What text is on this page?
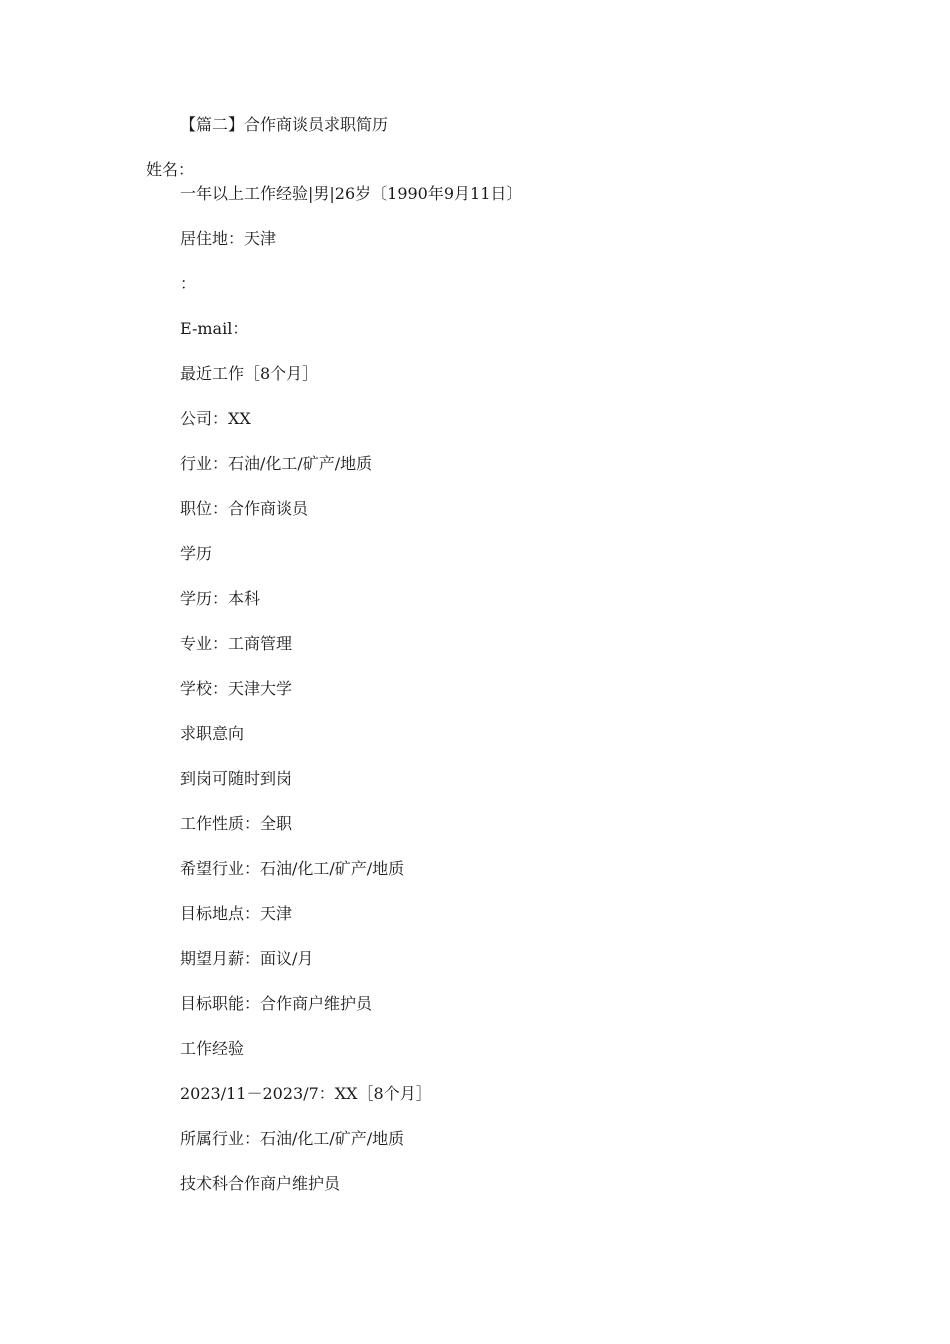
【篇二】合作商谈员求职简历
姓名：
一年以上工作经验|男|26岁〔1990年9月11日〕
居住地：天津
：
E-mail：
最近工作［8个月］
公司：XX
行业：石油/化工/矿产/地质
职位：合作商谈员
学历
学历：本科
专业：工商管理
学校：天津大学
求职意向
到岗可随时到岗
工作性质：全职
希望行业：石油/化工/矿产/地质
目标地点：天津
期望月薪：面议/月
目标职能：合作商户维护员
工作经验
2023/11－2023/7：XX［8个月］
所属行业：石油/化工/矿产/地质
技术科合作商户维护员
